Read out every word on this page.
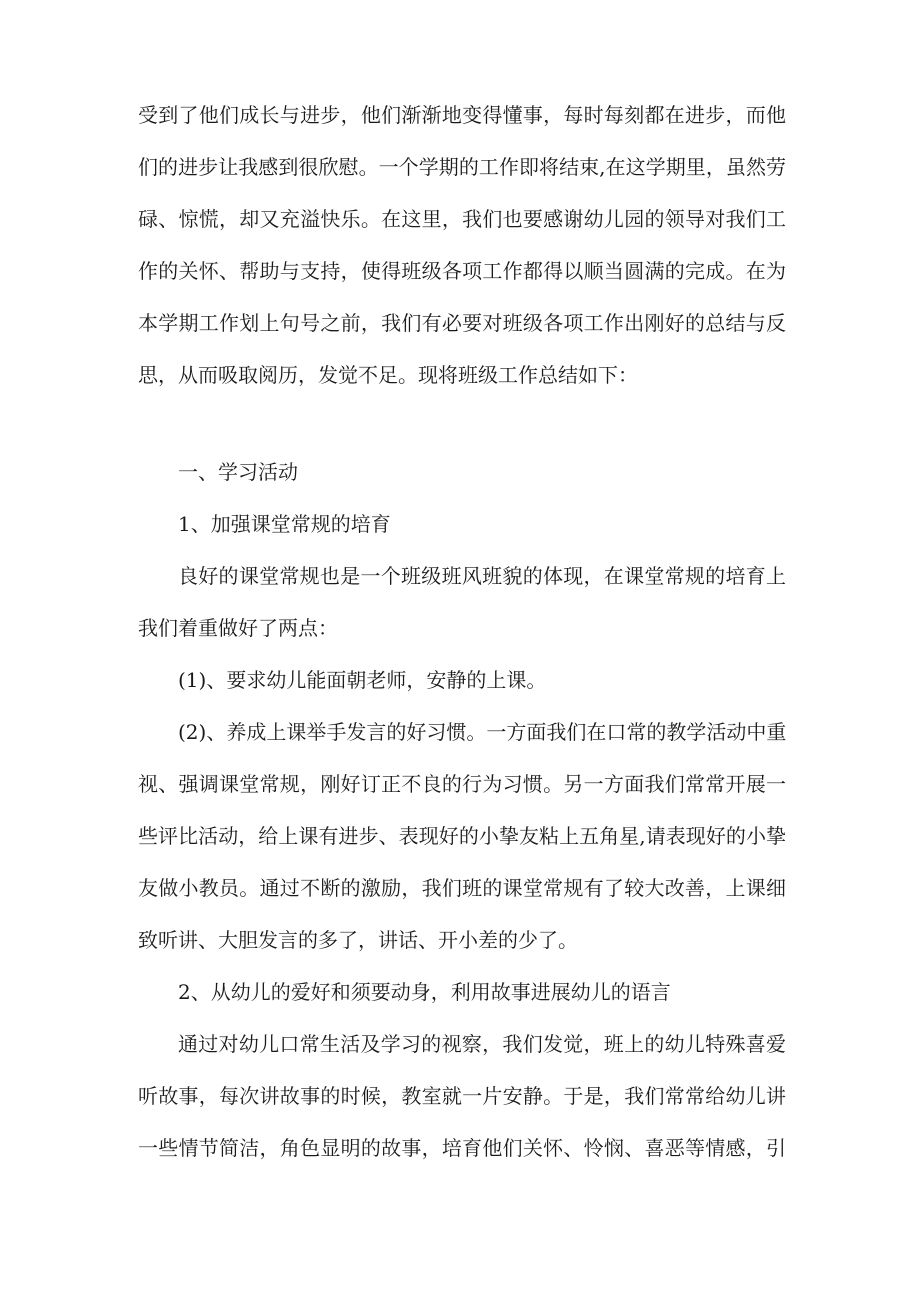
受到了他们成长与进步，他们渐渐地变得懂事，每时每刻都在进步，而他
们的进步让我感到很欣慰。一个学期的工作即将结束,在这学期里，虽然劳
碌、惊慌，却又充溢快乐。在这里，我们也要感谢幼儿园的领导对我们工
作的关怀、帮助与支持，使得班级各项工作都得以顺当圆满的完成。在为
本学期工作划上句号之前，我们有必要对班级各项工作出刚好的总结与反
思，从而吸取阅历，发觉不足。现将班级工作总结如下：
一、学习活动
1、加强课堂常规的培育
良好的课堂常规也是一个班级班风班貌的体现，在课堂常规的培育上
我们着重做好了两点：
(1)、要求幼儿能面朝老师，安静的上课。
(2)、养成上课举手发言的好习惯。一方面我们在口常的教学活动中重
视、强调课堂常规，刚好订正不良的行为习惯。另一方面我们常常开展一
些评比活动，给上课有进步、表现好的小挚友粘上五角星,请表现好的小挚
友做小教员。通过不断的激励，我们班的课堂常规有了较大改善，上课细
致听讲、大胆发言的多了，讲话、开小差的少了。
2、从幼儿的爱好和须要动身，利用故事进展幼儿的语言
通过对幼儿口常生活及学习的视察，我们发觉，班上的幼儿特殊喜爱
听故事，每次讲故事的时候，教室就一片安静。于是，我们常常给幼儿讲
一些情节简洁，角色显明的故事，培育他们关怀、怜悯、喜恶等情感，引
